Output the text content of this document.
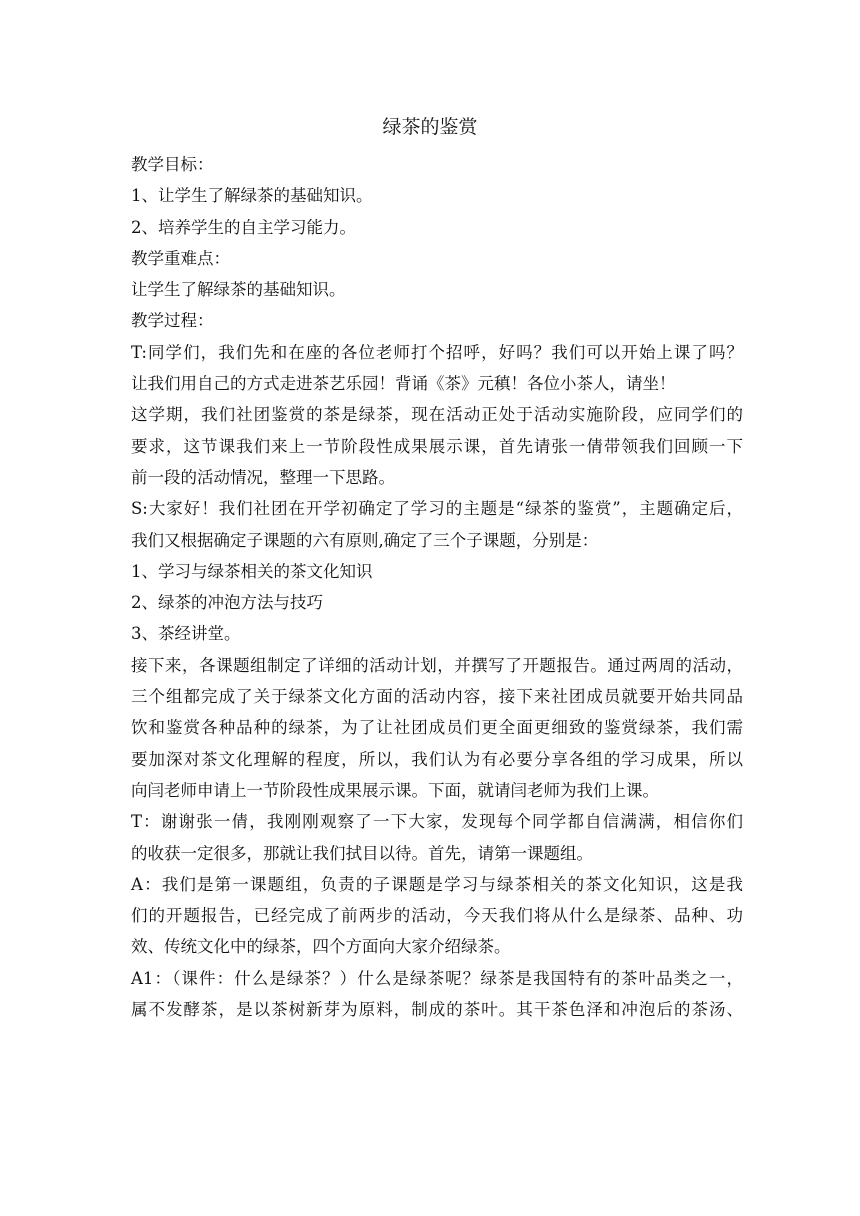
绿茶的鉴赏
教学目标：
1、让学生了解绿茶的基础知识。
2、培养学生的自主学习能力。
教学重难点：
让学生了解绿茶的基础知识。
教学过程：
T:同学们，我们先和在座的各位老师打个招呼，好吗？我们可以开始上课了吗？
让我们用自己的方式走进茶艺乐园！背诵《茶》元稹！各位小茶人，请坐！
这学期，我们社团鉴赏的茶是绿茶，现在活动正处于活动实施阶段，应同学们的
要求，这节课我们来上一节阶段性成果展示课，首先请张一倩带领我们回顾一下
前一段的活动情况，整理一下思路。
S:大家好！我们社团在开学初确定了学习的主题是“绿茶的鉴赏”，主题确定后，
我们又根据确定子课题的六有原则,确定了三个子课题，分别是：
1、学习与绿茶相关的茶文化知识
2、绿茶的冲泡方法与技巧
3、茶经讲堂。
接下来，各课题组制定了详细的活动计划，并撰写了开题报告。通过两周的活动，
三个组都完成了关于绿茶文化方面的活动内容，接下来社团成员就要开始共同品
饮和鉴赏各种品种的绿茶，为了让社团成员们更全面更细致的鉴赏绿茶，我们需
要加深对茶文化理解的程度，所以，我们认为有必要分享各组的学习成果，所以
向闫老师申请上一节阶段性成果展示课。下面，就请闫老师为我们上课。
T：谢谢张一倩，我刚刚观察了一下大家，发现每个同学都自信满满，相信你们
的收获一定很多，那就让我们拭目以待。首先，请第一课题组。
A：我们是第一课题组，负责的子课题是学习与绿茶相关的茶文化知识，这是我
们的开题报告，已经完成了前两步的活动，今天我们将从什么是绿茶、品种、功
效、传统文化中的绿茶，四个方面向大家介绍绿茶。
A1：（课件：什么是绿茶？）什么是绿茶呢？绿茶是我国特有的茶叶品类之一，
属不发酵茶，是以茶树新芽为原料，制成的茶叶。其干茶色泽和冲泡后的茶汤、
